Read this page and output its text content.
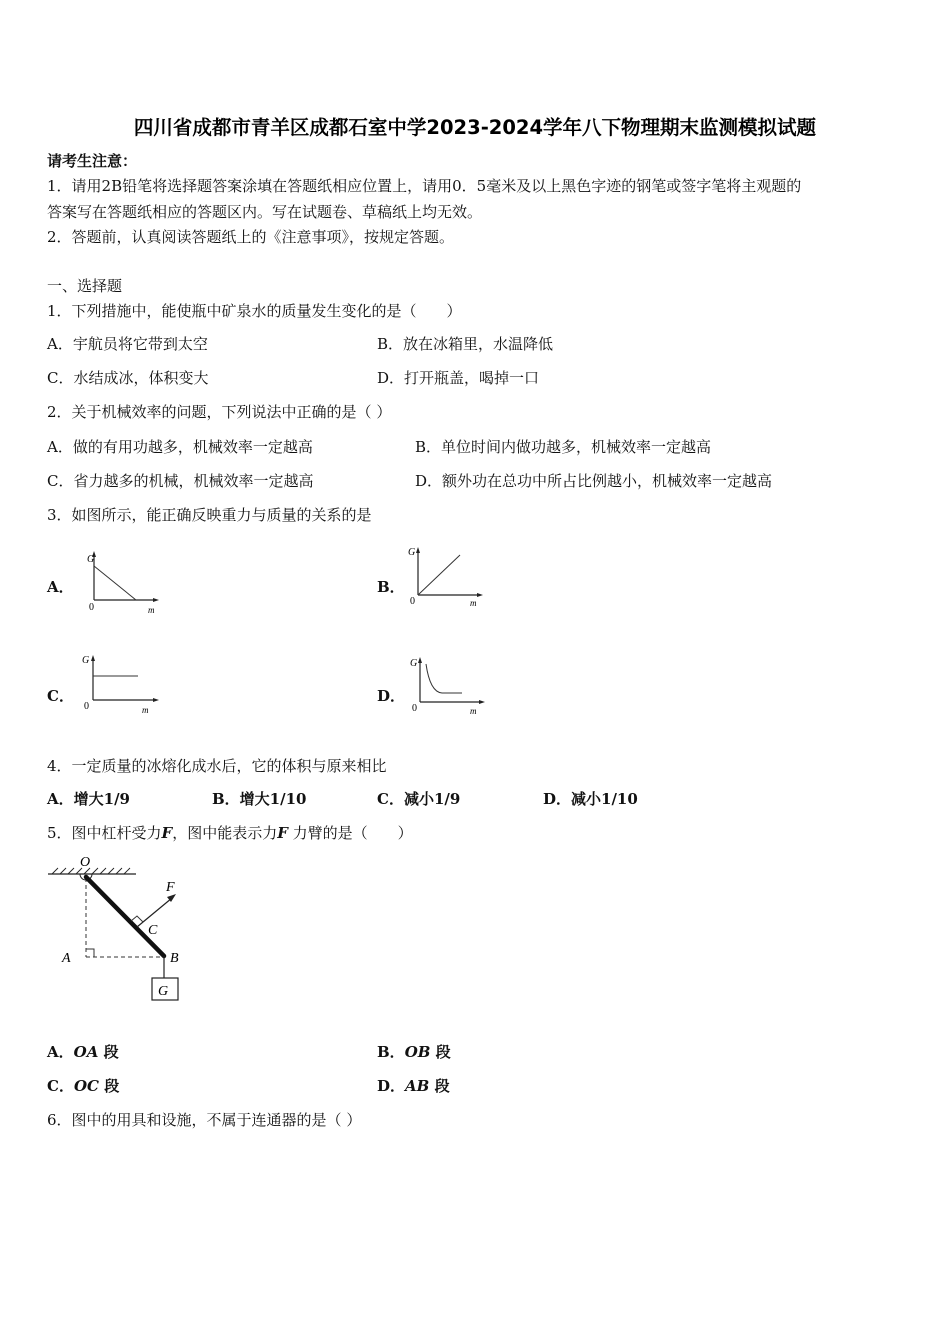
四川省成都市青羊区成都石室中学2023-2024学年八下物理期末监测模拟试题
请考生注意：
1．请用2B铅笔将选择题答案涂填在答题纸相应位置上，请用0．5毫米及以上黑色字迹的钢笔或签字笔将主观题的
答案写在答题纸相应的答题区内。写在试题卷、草稿纸上均无效。
2．答题前，认真阅读答题纸上的《注意事项》，按规定答题。
一、选择题
1．下列措施中，能使瓶中矿泉水的质量发生变化的是（　　）
A．宇航员将它带到太空	B．放在冰箱里，水温降低
C．水结成冰，体积变大	D．打开瓶盖，喝掉一口
2．关于机械效率的问题，下列说法中正确的是（ ）
A．做的有用功越多，机械效率一定越高	B．单位时间内做功越多，机械效率一定越高
C．省力越多的机械，机械效率一定越高	D．额外功在总功中所占比例越小，机械效率一定越高
3．如图所示，能正确反映重力与质量的关系的是
A．
G
0	m
B．
G
0	m
C．
G
0	m
D．
G
0	m
4．一定质量的冰熔化成水后，它的体积与原来相比
A．增大1/9	B．增大1/10	C．减小1/9	D．减小1/10
5．图中杠杆受力F，图中能表示力F 力臂的是（　　）
O
F
C
A	B
G
A．OA 段	B．OB 段
C．OC 段	D．AB 段
6．图中的用具和设施，不属于连通器的是（ ）
